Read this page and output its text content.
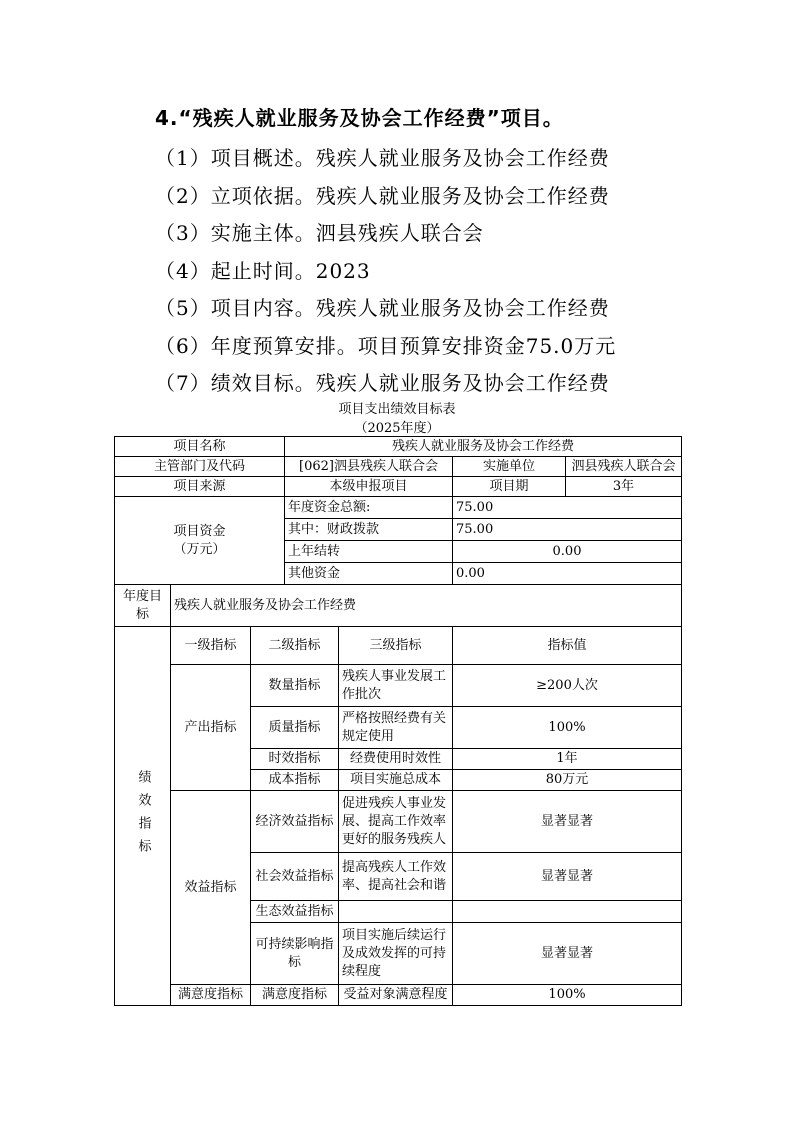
4.“残疾人就业服务及协会工作经费”项目。
（1）项目概述。残疾人就业服务及协会工作经费
（2）立项依据。残疾人就业服务及协会工作经费
（3）实施主体。泗县残疾人联合会
（4）起止时间。2023
（5）项目内容。残疾人就业服务及协会工作经费
（6）年度预算安排。项目预算安排资金75.0万元
（7）绩效目标。残疾人就业服务及协会工作经费
项目支出绩效目标表
（2025年度）
项目名称			残疾人就业服务及协会工作经费			
主管部门及代码			[062]泗县残疾人联合会		实施单位	泗县残疾人联合会
项目来源			本级申报项目		项目期	3年

项目资金
（万元）			年度资金总额:		75.00	
			其中：财政拨款		75.00	
			上年结转		0.00	
			其他资金		0.00	
年度目标	残疾人就业服务及协会工作经费					

绩效指标	一级指标	二级指标		三级指标	指标值	
	产出指标	数量指标		残疾人事业发展工作批次	≥200人次	
		质量指标		严格按照经费有关规定使用	100%	
		时效指标		经费使用时效性	1年	
		成本指标		项目实施总成本	80万元	
	效益指标	经济效益指标		促进残疾人事业发展、提高工作效率更好的服务残疾人	显著显著	
		社会效益指标		提高残疾人工作效率、提高社会和谐	显著显著	
		生态效益指标				
		可持续影响指标		项目实施后续运行及成效发挥的可持续程度	显著显著	
	满意度指标	满意度指标		受益对象满意程度	100%	
